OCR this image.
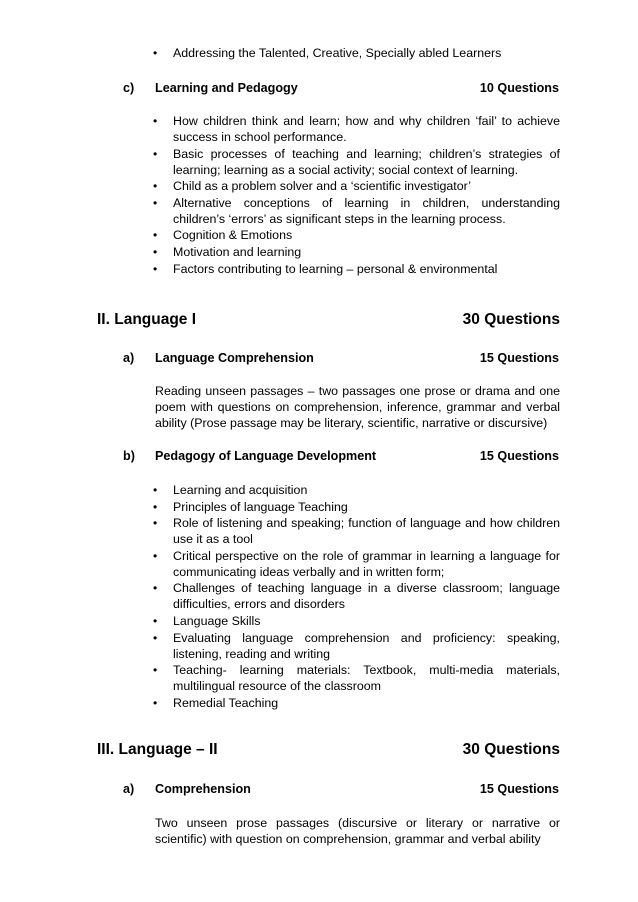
• Addressing the Talented, Creative, Specially abled Learners
c) Learning and Pedagogy	10 Questions
• How children think and learn; how and why children ‘fail’ to achieve success in school performance.
• Basic processes of teaching and learning; children’s strategies of learning; learning as a social activity; social context of learning.
• Child as a problem solver and a ‘scientific investigator’
• Alternative conceptions of learning in children, understanding children’s ‘errors’ as significant steps in the learning process.
• Cognition & Emotions
• Motivation and learning
• Factors contributing to learning – personal & environmental
II. Language I	30 Questions
a) Language Comprehension	15 Questions

Reading unseen passages – two passages one prose or drama and one poem with questions on comprehension, inference, grammar and verbal ability (Prose passage may be literary, scientific, narrative or discursive)

b) Pedagogy of Language Development	15 Questions
• Learning and acquisition
• Principles of language Teaching
• Role of listening and speaking; function of language and how children use it as a tool
• Critical perspective on the role of grammar in learning a language for communicating ideas verbally and in written form;
• Challenges of teaching language in a diverse classroom; language difficulties, errors and disorders
• Language Skills
• Evaluating language comprehension and proficiency: speaking, listening, reading and writing
• Teaching- learning materials: Textbook, multi-media materials, multilingual resource of the classroom
• Remedial Teaching
III. Language – II	30 Questions
a) Comprehension	15 Questions

Two unseen prose passages (discursive or literary or narrative or scientific) with question on comprehension, grammar and verbal ability
